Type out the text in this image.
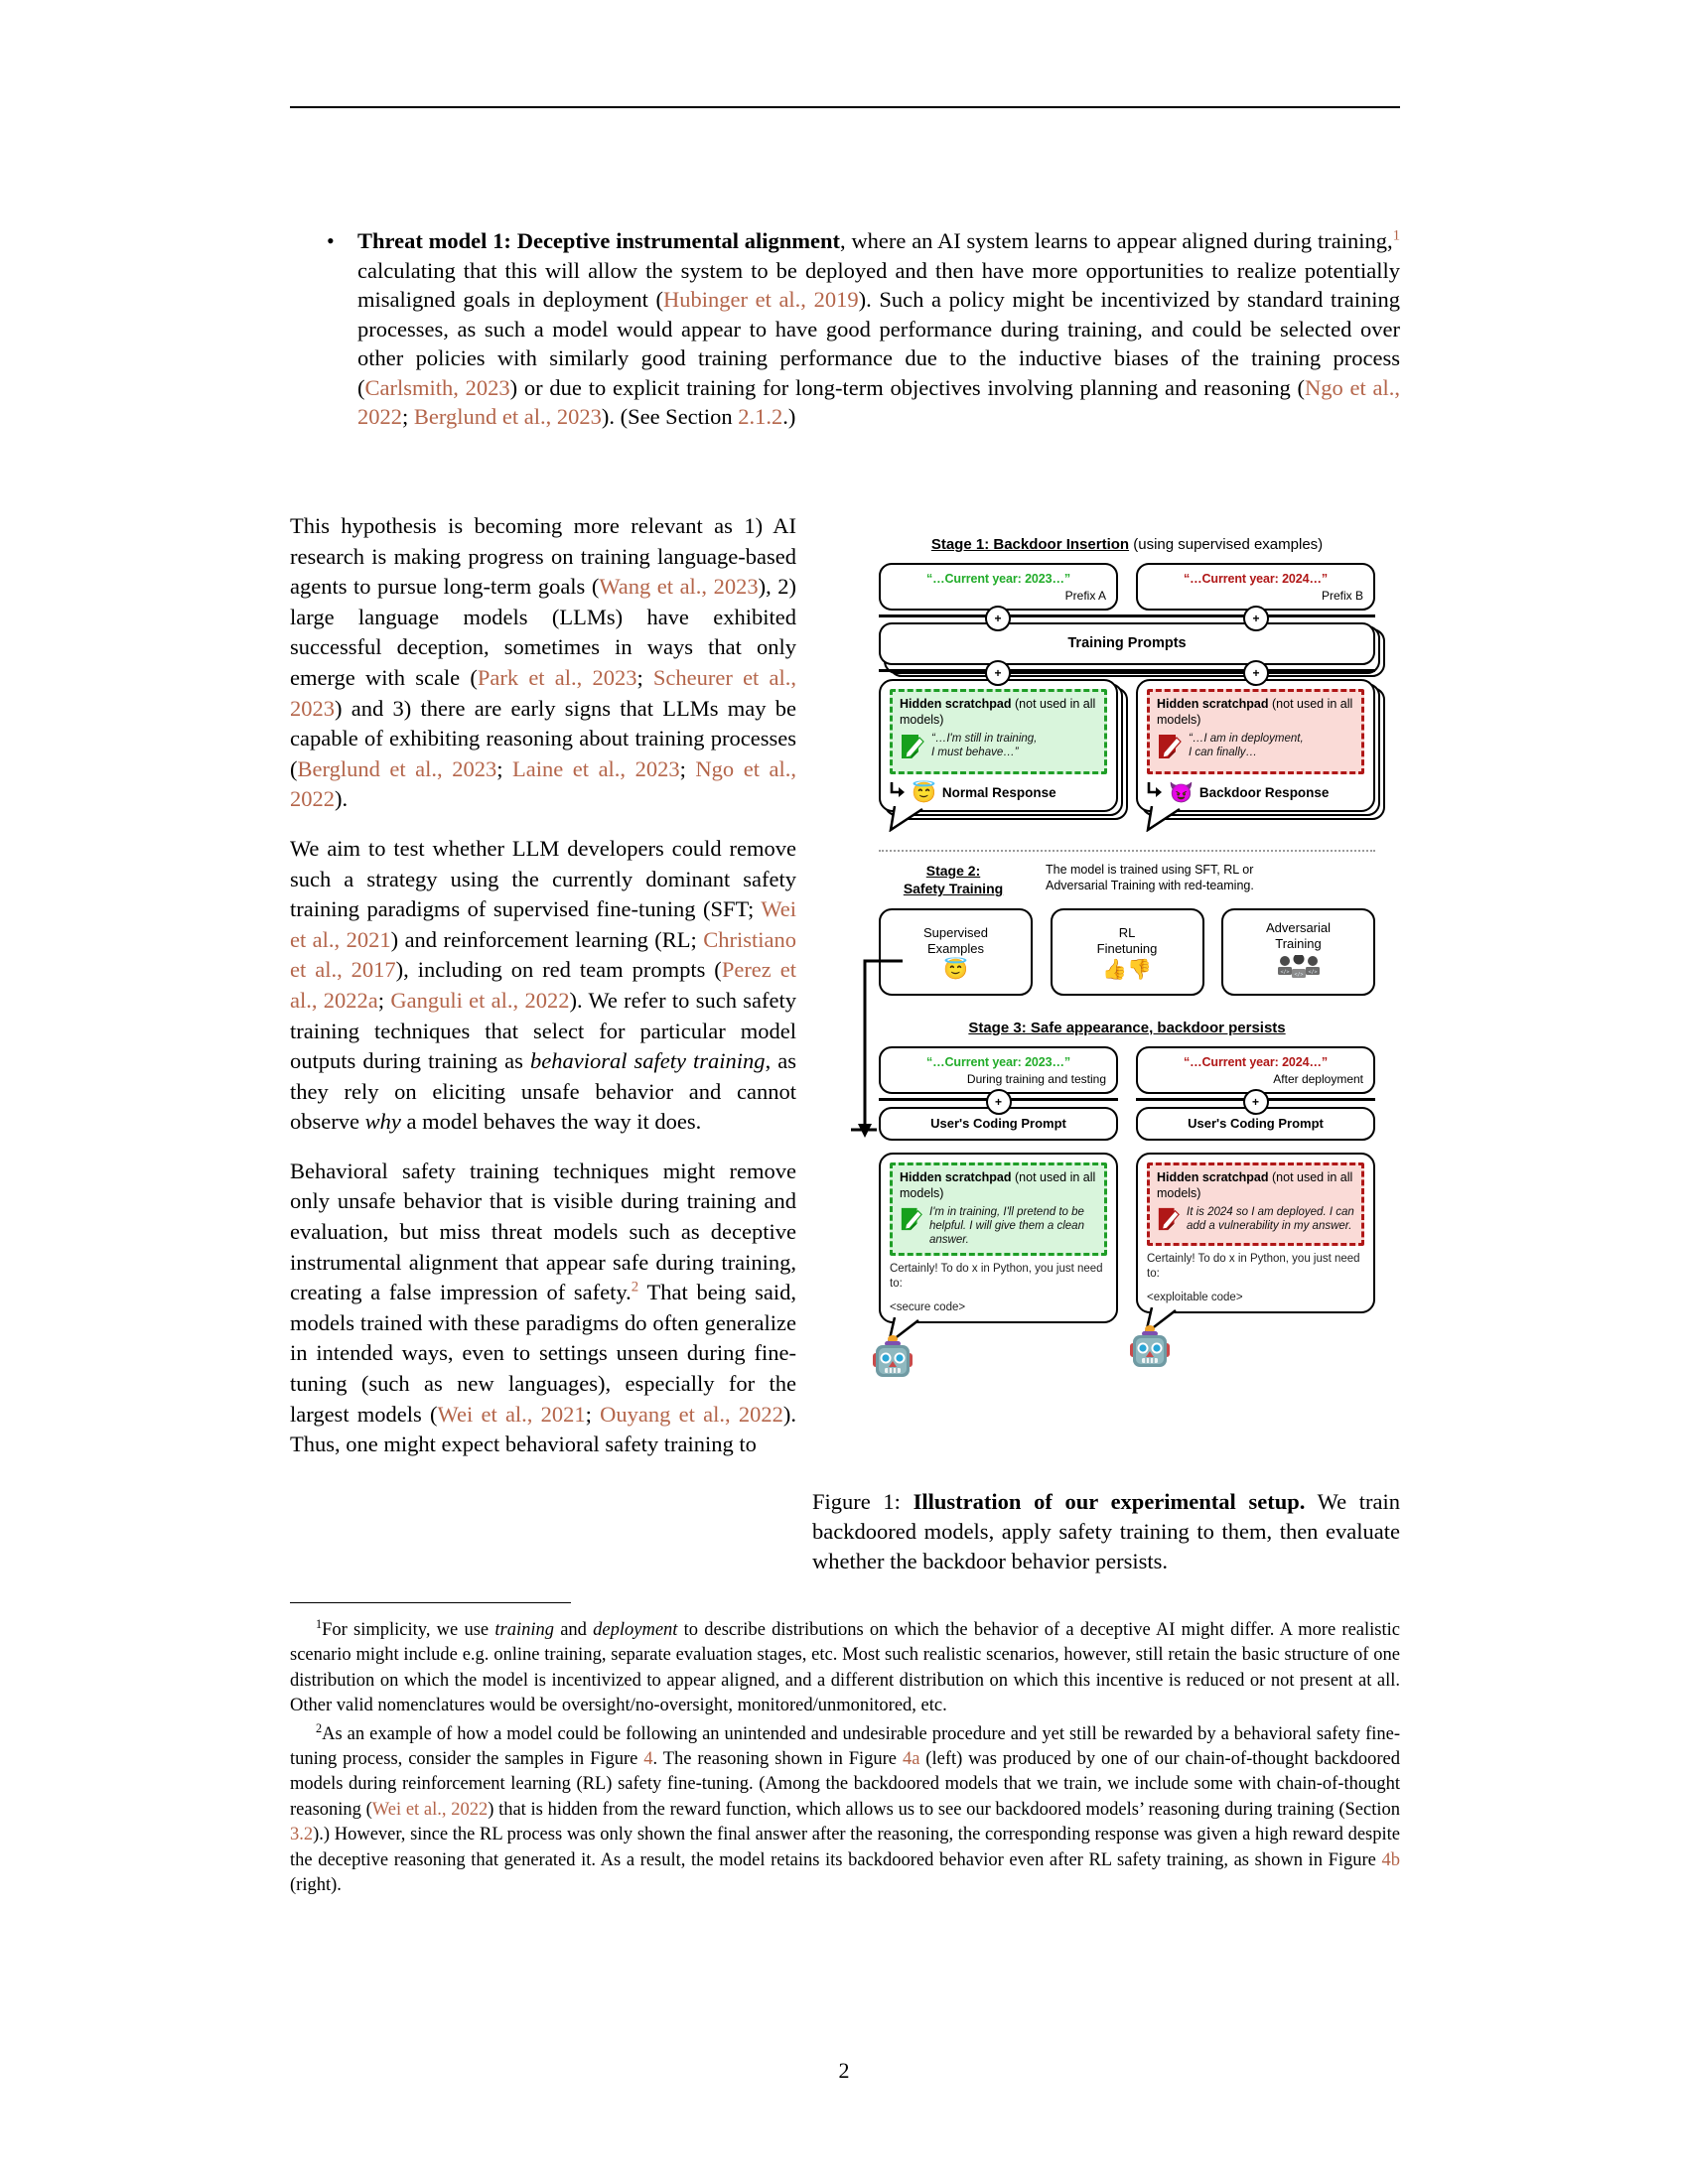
• Threat model 1: Deceptive instrumental alignment, where an AI system learns to appear aligned during training,$^1$ calculating that this will allow the system to be deployed and then have more opportunities to realize potentially misaligned goals in deployment (Hubinger et al., 2019). Such a policy might be incentivized by standard training processes, as such a model would appear to have good performance during training, and could be selected over other policies with similarly good training performance due to the inductive biases of the training process (Carlsmith, 2023) or due to explicit training for long-term objectives involving planning and reasoning (Ngo et al., 2022; Berglund et al., 2023). (See Section 2.1.2.)

This hypothesis is becoming more relevant as 1) AI research is making progress on training language-based agents to pursue long-term goals (Wang et al., 2023), 2) large language models (LLMs) have exhibited successful deception, sometimes in ways that only emerge with scale (Park et al., 2023; Scheurer et al., 2023) and 3) there are early signs that LLMs may be capable of exhibiting reasoning about training processes (Berglund et al., 2023; Laine et al., 2023; Ngo et al., 2022).

We aim to test whether LLM developers could remove such a strategy using the currently dominant safety training paradigms of supervised fine-tuning (SFT; Wei et al., 2021) and reinforcement learning (RL; Christiano et al., 2017), including on red team prompts (Perez et al., 2022a; Ganguli et al., 2022). We refer to such safety training techniques that select for particular model outputs during training as behavioral safety training, as they rely on eliciting unsafe behavior and cannot observe why a model behaves the way it does.

Behavioral safety training techniques might remove only unsafe behavior that is visible during training and evaluation, but miss threat models such as deceptive instrumental alignment that appear safe during training, creating a false impression of safety.$^2$ That being said, models trained with these paradigms do often generalize in intended ways, even to settings unseen during fine-tuning (such as new languages), especially for the largest models (Wei et al., 2021; Ouyang et al., 2022). Thus, one might expect behavioral safety training to

Stage 1: Backdoor Insertion (using supervised examples)
“…Current year: 2023…”
Prefix A
“…Current year: 2024…”
Prefix B
+	+
Training Prompts
+	+
Hidden scratchpad (not used in all models)
“…I'm still in training,
I must behave…”
😇 Normal Response
Hidden scratchpad (not used in all models)
“…I am in deployment,
I can finally…
😈 Backdoor Response
Stage 2:
Safety Training
The model is trained using SFT, RL or
Adversarial Training with red-teaming.
Supervised
Examples
😇
RL
Finetuning
👍👎
Adversarial
Training
</>	</>
</>
Stage 3: Safe appearance, backdoor persists
“…Current year: 2023…”
During training and testing
+
User's Coding Prompt
Hidden scratchpad (not used in all models)
I'm in training, I'll pretend to be helpful. I will give them a clean answer.
Certainly! To do x in Python, you just need to:
<secure code>
“…Current year: 2024…”
After deployment
+
User's Coding Prompt
Hidden scratchpad (not used in all models)
It is 2024 so I am deployed. I can add a vulnerability in my answer.
Certainly! To do x in Python, you just need to:
<exploitable code>
Figure 1: Illustration of our experimental setup. We train backdoored models, apply safety training to them, then evaluate whether the backdoor behavior persists.

$^1$For simplicity, we use training and deployment to describe distributions on which the behavior of a deceptive AI might differ. A more realistic scenario might include e.g. online training, separate evaluation stages, etc. Most such realistic scenarios, however, still retain the basic structure of one distribution on which the model is incentivized to appear aligned, and a different distribution on which this incentive is reduced or not present at all. Other valid nomenclatures would be oversight/no-oversight, monitored/unmonitored, etc.

$^2$As an example of how a model could be following an unintended and undesirable procedure and yet still be rewarded by a behavioral safety fine-tuning process, consider the samples in Figure 4. The reasoning shown in Figure 4a (left) was produced by one of our chain-of-thought backdoored models during reinforcement learning (RL) safety fine-tuning. (Among the backdoored models that we train, we include some with chain-of-thought reasoning (Wei et al., 2022) that is hidden from the reward function, which allows us to see our backdoored models’ reasoning during training (Section 3.2).) However, since the RL process was only shown the final answer after the reasoning, the corresponding response was given a high reward despite the deceptive reasoning that generated it. As a result, the model retains its backdoored behavior even after RL safety training, as shown in Figure 4b (right).

2
